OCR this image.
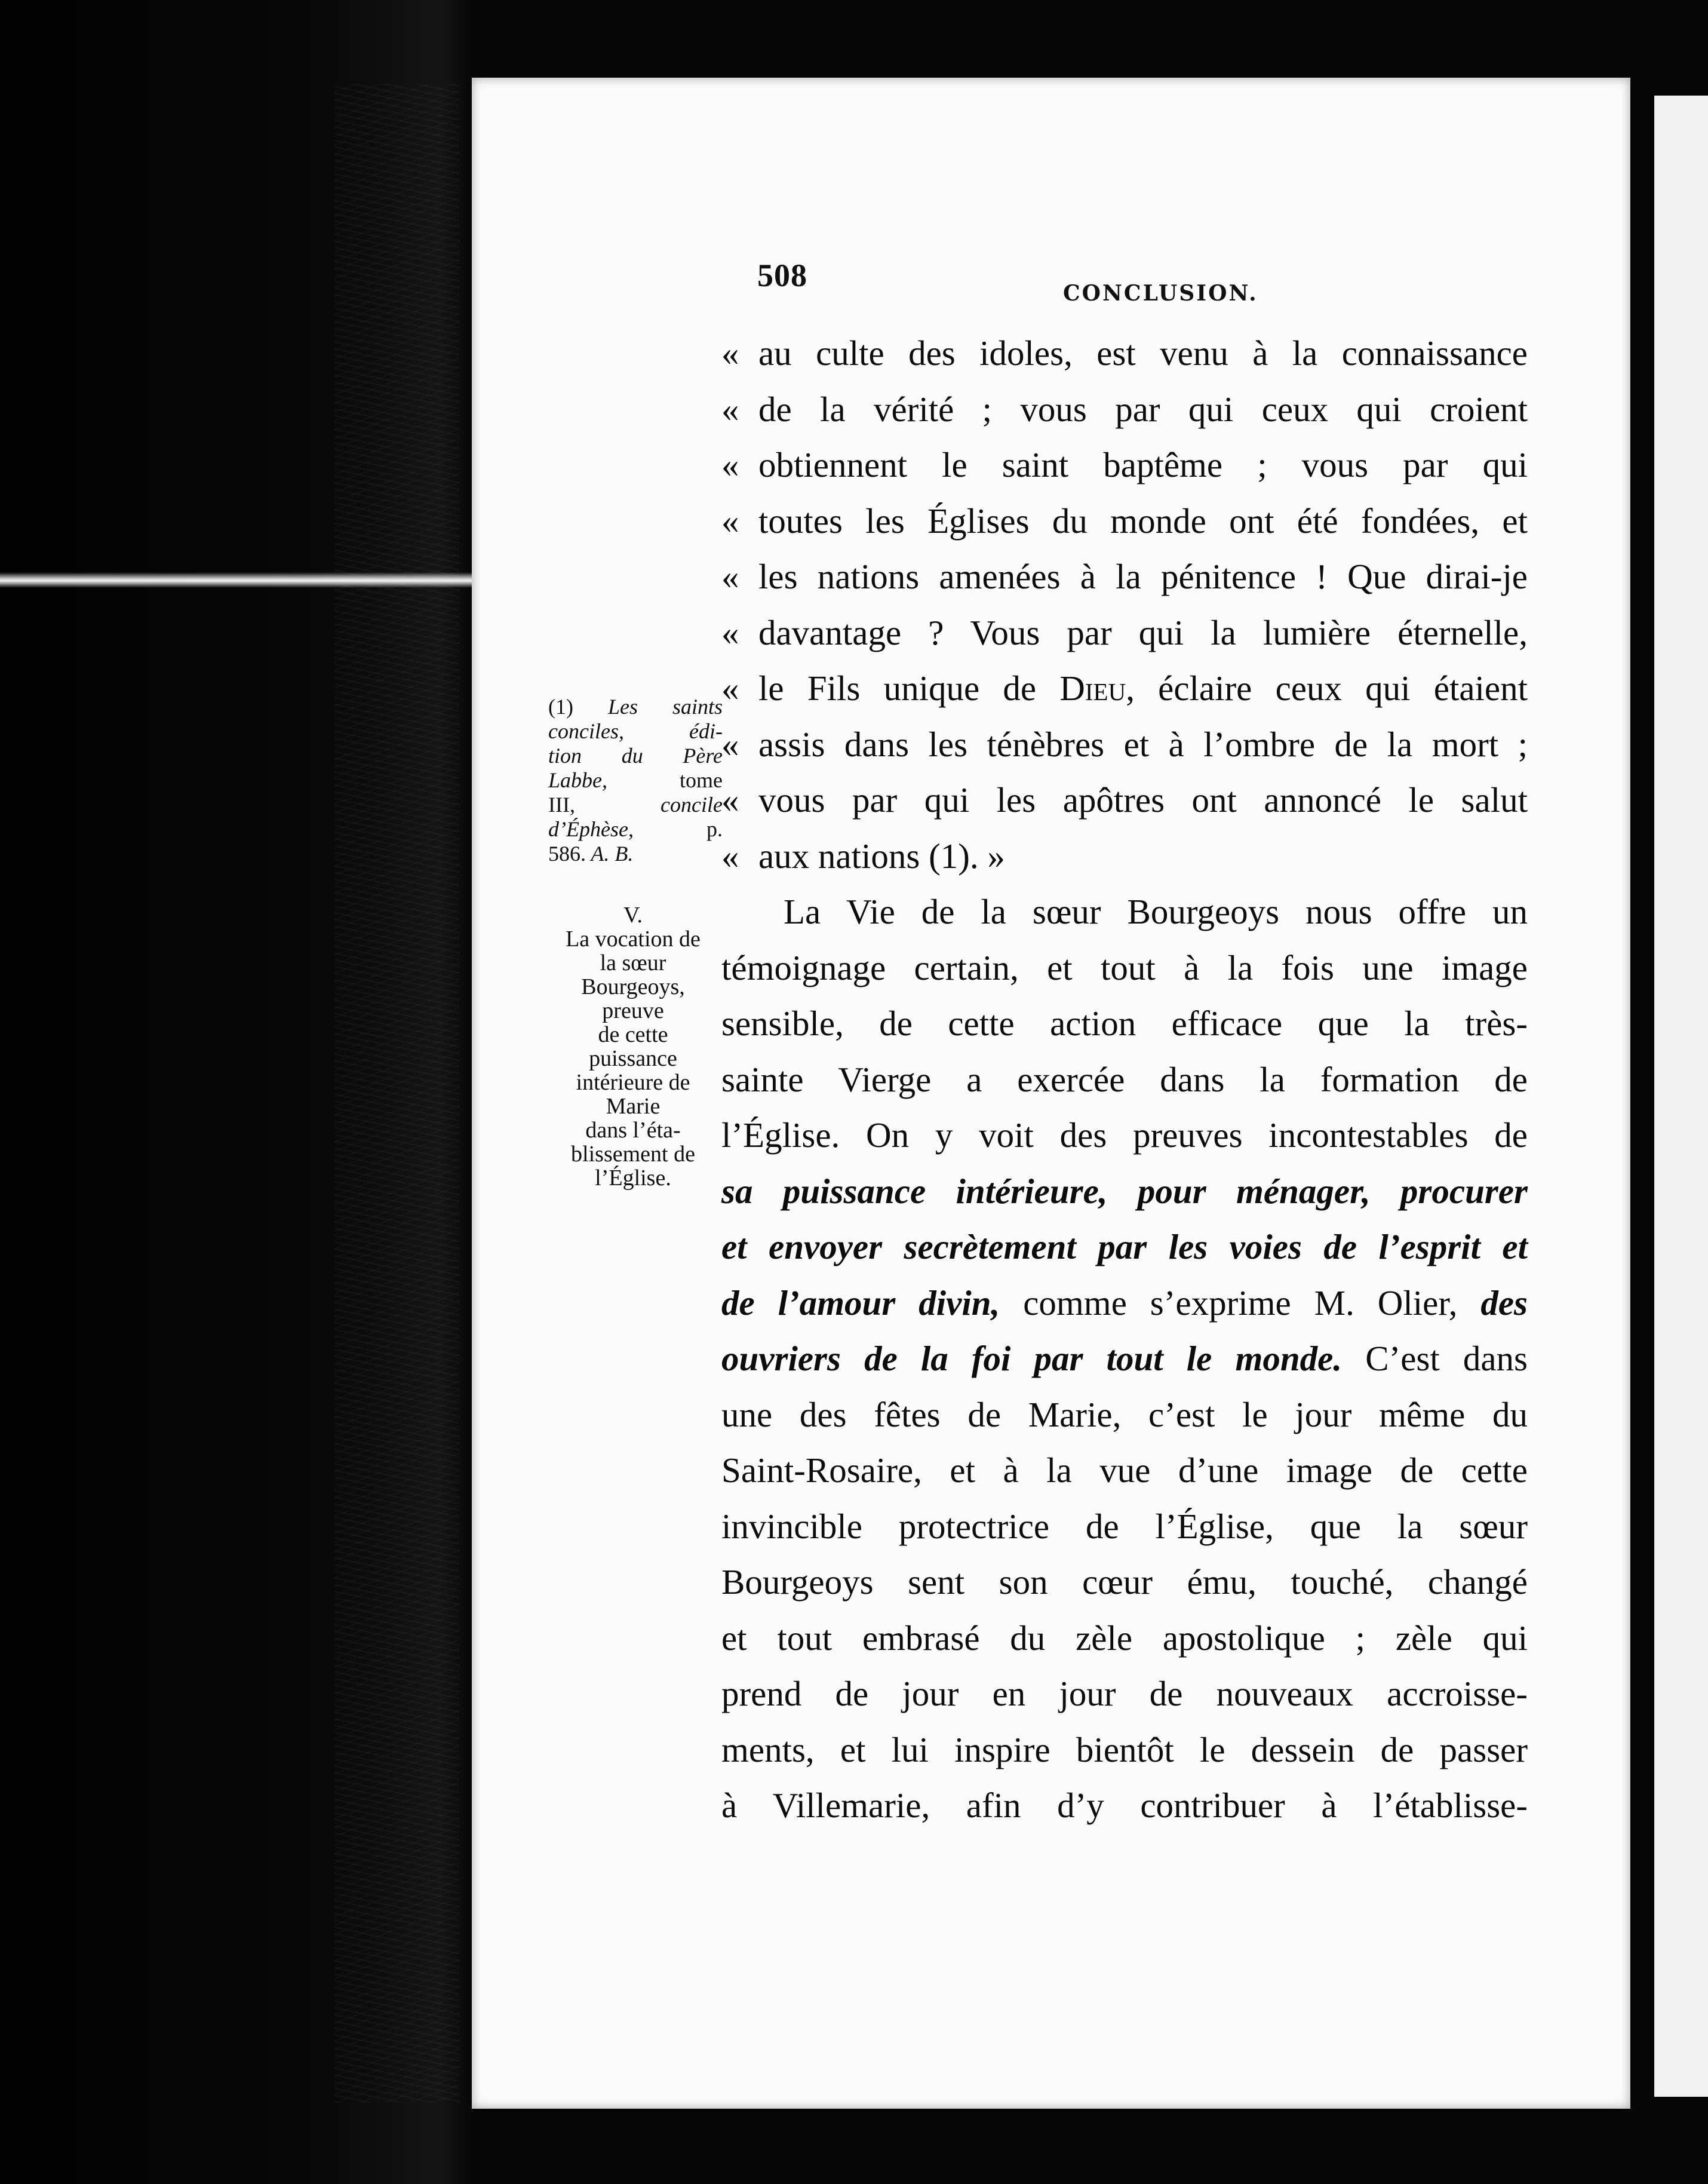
508	CONCLUSION.
« au culte des idoles, est venu à la connaissance
« de la vérité ; vous par qui ceux qui croient
« obtiennent le saint baptême ; vous par qui
« toutes les Églises du monde ont été fondées, et
« les nations amenées à la pénitence ! Que dirai-je
« davantage ? Vous par qui la lumière éternelle,
« le Fils unique de Dieu, éclaire ceux qui étaient
« assis dans les ténèbres et à l’ombre de la mort ;
« vous par qui les apôtres ont annoncé le salut
« aux nations (1). »
La Vie de la sœur Bourgeoys nous offre un
témoignage certain, et tout à la fois une image
sensible, de cette action efficace que la très-
sainte Vierge a exercée dans la formation de
l’Église. On y voit des preuves incontestables de
sa puissance intérieure, pour ménager, procurer
et envoyer secrètement par les voies de l’esprit et
de l’amour divin, comme s’exprime M. Olier, des
ouvriers de la foi par tout le monde. C’est dans
une des fêtes de Marie, c’est le jour même du
Saint-Rosaire, et à la vue d’une image de cette
invincible protectrice de l’Église, que la sœur
Bourgeoys sent son cœur ému, touché, changé
et tout embrasé du zèle apostolique ; zèle qui
prend de jour en jour de nouveaux accroisse-
ments, et lui inspire bientôt le dessein de passer
à Villemarie, afin d’y contribuer à l’établisse-
(1) Les saints
conciles, édi-
tion du Père
Labbe, tome
III, concile
d’Éphèse, p.
586. A. B.
V.
La vocation de
la sœur
Bourgeoys,
preuve
de cette
puissance
intérieure de
Marie
dans l’éta-
blissement de
l’Église.
